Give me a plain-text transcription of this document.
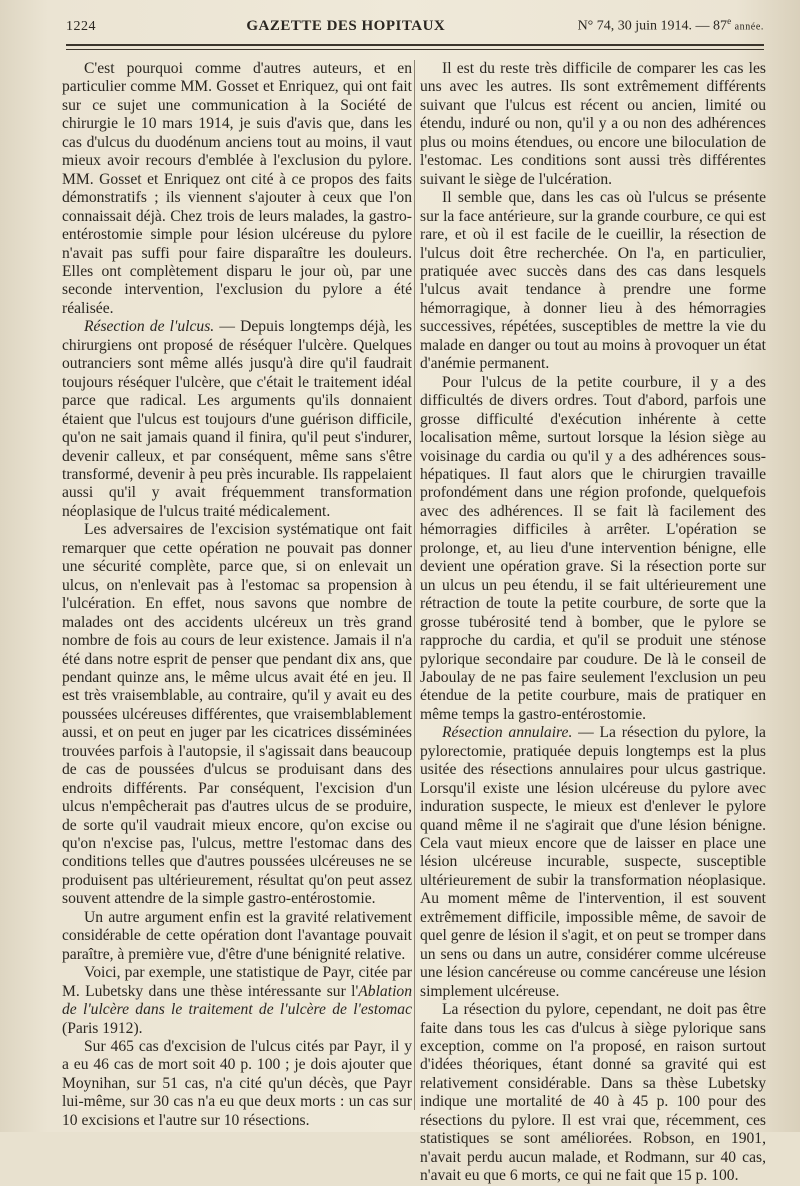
1224	GAZETTE DES HOPITAUX	N° 74, 30 juin 1914. — 87e année.

C'est pourquoi comme d'autres auteurs, et en particulier comme MM. Gosset et Enriquez, qui ont fait sur ce sujet une communication à la Société de chirurgie le 10 mars 1914, je suis d'avis que, dans les cas d'ulcus du duodénum anciens tout au moins, il vaut mieux avoir recours d'emblée à l'exclusion du pylore. MM. Gosset et Enriquez ont cité à ce propos des faits démonstratifs ; ils viennent s'ajouter à ceux que l'on connaissait déjà. Chez trois de leurs malades, la gastro-entérostomie simple pour lésion ulcéreuse du pylore n'avait pas suffi pour faire disparaître les douleurs. Elles ont complètement disparu le jour où, par une seconde intervention, l'exclusion du pylore a été réalisée.

Résection de l'ulcus. — Depuis longtemps déjà, les chirurgiens ont proposé de réséquer l'ulcère. Quelques outranciers sont même allés jusqu'à dire qu'il faudrait toujours réséquer l'ulcère, que c'était le traitement idéal parce que radical. Les arguments qu'ils donnaient étaient que l'ulcus est toujours d'une guérison difficile, qu'on ne sait jamais quand il finira, qu'il peut s'indurer, devenir calleux, et par conséquent, même sans s'être transformé, devenir à peu près incurable. Ils rappelaient aussi qu'il y avait fréquemment transformation néoplasique de l'ulcus traité médicalement.

Les adversaires de l'excision systématique ont fait remarquer que cette opération ne pouvait pas donner une sécurité complète, parce que, si on enlevait un ulcus, on n'enlevait pas à l'estomac sa propension à l'ulcération. En effet, nous savons que nombre de malades ont des accidents ulcéreux un très grand nombre de fois au cours de leur existence. Jamais il n'a été dans notre esprit de penser que pendant dix ans, que pendant quinze ans, le même ulcus avait été en jeu. Il est très vraisemblable, au contraire, qu'il y avait eu des poussées ulcéreuses différentes, que vraisemblablement aussi, et on peut en juger par les cicatrices disséminées trouvées parfois à l'autopsie, il s'agissait dans beaucoup de cas de poussées d'ulcus se produisant dans des endroits différents. Par conséquent, l'excision d'un ulcus n'empêcherait pas d'autres ulcus de se produire, de sorte qu'il vaudrait mieux encore, qu'on excise ou qu'on n'excise pas, l'ulcus, mettre l'estomac dans des conditions telles que d'autres poussées ulcéreuses ne se produisent pas ultérieurement, résultat qu'on peut assez souvent attendre de la simple gastro-entérostomie.

Un autre argument enfin est la gravité relativement considérable de cette opération dont l'avantage pouvait paraître, à première vue, d'être d'une bénignité relative.

Voici, par exemple, une statistique de Payr, citée par M. Lubetsky dans une thèse intéressante sur l'Ablation de l'ulcère dans le traitement de l'ulcère de l'estomac (Paris 1912).

Sur 465 cas d'excision de l'ulcus cités par Payr, il y a eu 46 cas de mort soit 40 p. 100 ; je dois ajouter que Moynihan, sur 51 cas, n'a cité qu'un décès, que Payr lui-même, sur 30 cas n'a eu que deux morts : un cas sur 10 excisions et l'autre sur 10 résections.

Il est du reste très difficile de comparer les cas les uns avec les autres. Ils sont extrêmement différents suivant que l'ulcus est récent ou ancien, limité ou étendu, induré ou non, qu'il y a ou non des adhérences plus ou moins étendues, ou encore une biloculation de l'estomac. Les conditions sont aussi très différentes suivant le siège de l'ulcération.

Il semble que, dans les cas où l'ulcus se présente sur la face antérieure, sur la grande courbure, ce qui est rare, et où il est facile de le cueillir, la résection de l'ulcus doit être recherchée. On l'a, en particulier, pratiquée avec succès dans des cas dans lesquels l'ulcus avait tendance à prendre une forme hémorragique, à donner lieu à des hémorragies successives, répétées, susceptibles de mettre la vie du malade en danger ou tout au moins à provoquer un état d'anémie permanent.

Pour l'ulcus de la petite courbure, il y a des difficultés de divers ordres. Tout d'abord, parfois une grosse difficulté d'exécution inhérente à cette localisation même, surtout lorsque la lésion siège au voisinage du cardia ou qu'il y a des adhérences sous-hépatiques. Il faut alors que le chirurgien travaille profondément dans une région profonde, quelquefois avec des adhérences. Il se fait là facilement des hémorragies difficiles à arrêter. L'opération se prolonge, et, au lieu d'une intervention bénigne, elle devient une opération grave. Si la résection porte sur un ulcus un peu étendu, il se fait ultérieurement une rétraction de toute la petite courbure, de sorte que la grosse tubérosité tend à bomber, que le pylore se rapproche du cardia, et qu'il se produit une sténose pylorique secondaire par coudure. De là le conseil de Jaboulay de ne pas faire seulement l'exclusion un peu étendue de la petite courbure, mais de pratiquer en même temps la gastro-entérostomie.

Résection annulaire. — La résection du pylore, la pylorectomie, pratiquée depuis longtemps est la plus usitée des résections annulaires pour ulcus gastrique. Lorsqu'il existe une lésion ulcéreuse du pylore avec induration suspecte, le mieux est d'enlever le pylore quand même il ne s'agirait que d'une lésion bénigne. Cela vaut mieux encore que de laisser en place une lésion ulcéreuse incurable, suspecte, susceptible ultérieurement de subir la transformation néoplasique. Au moment même de l'intervention, il est souvent extrêmement difficile, impossible même, de savoir de quel genre de lésion il s'agit, et on peut se tromper dans un sens ou dans un autre, considérer comme ulcéreuse une lésion cancéreuse ou comme cancéreuse une lésion simplement ulcéreuse.

La résection du pylore, cependant, ne doit pas être faite dans tous les cas d'ulcus à siège pylorique sans exception, comme on l'a proposé, en raison surtout d'idées théoriques, étant donné sa gravité qui est relativement considérable. Dans sa thèse Lubetsky indique une mortalité de 40 à 45 p. 100 pour des résections du pylore. Il est vrai que, récemment, ces statistiques se sont améliorées. Robson, en 1901, n'avait perdu aucun malade, et Rodmann, sur 40 cas, n'avait eu que 6 morts, ce qui ne fait que 15 p. 100.
